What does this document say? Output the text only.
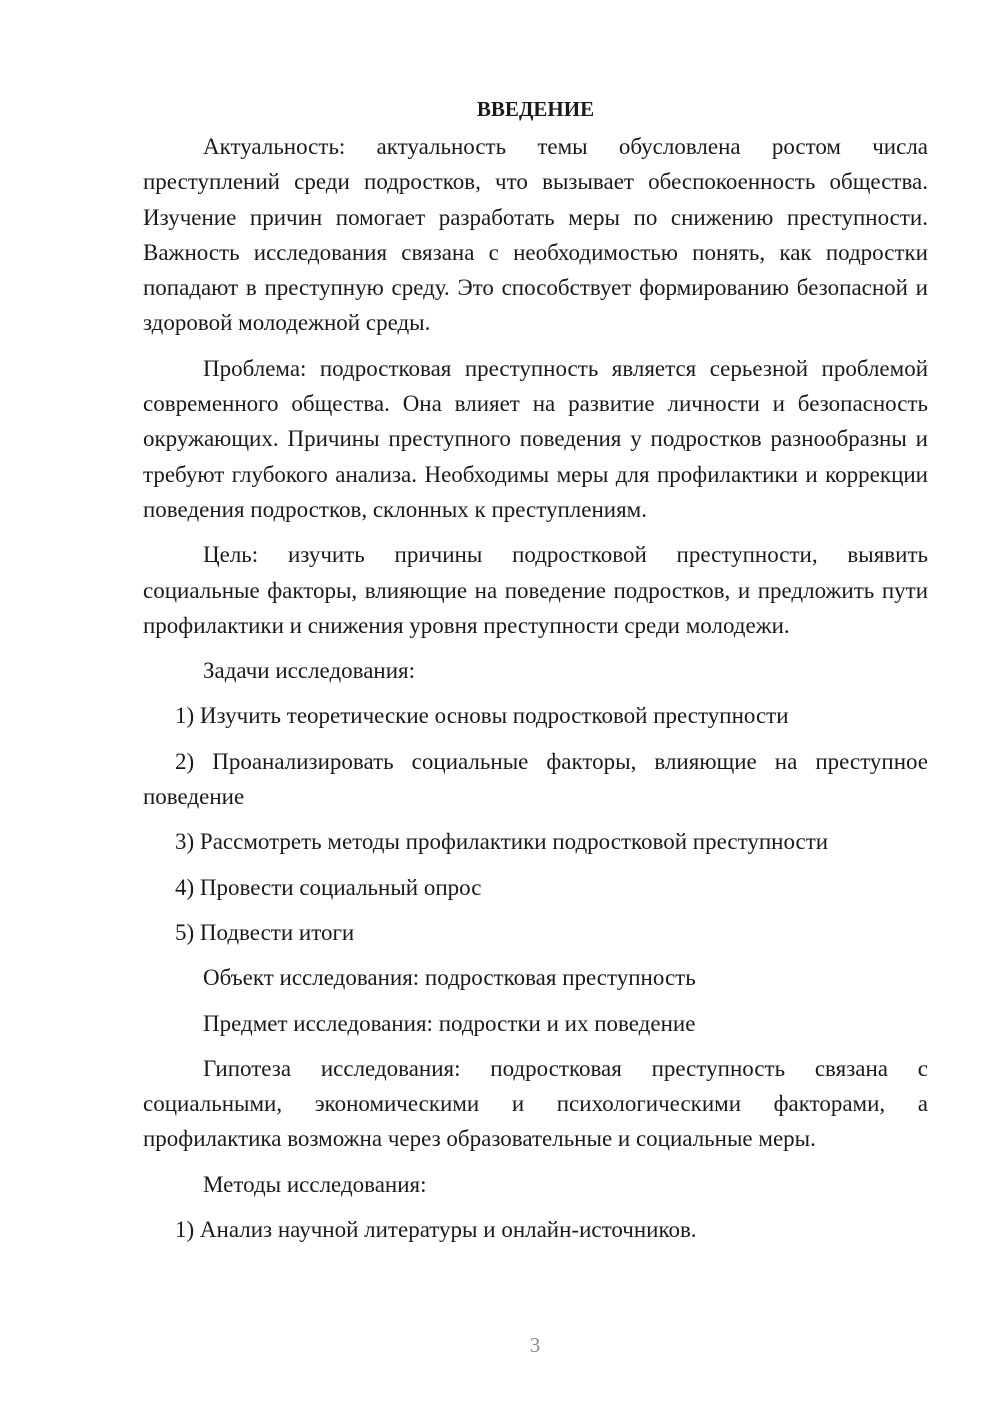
ВВЕДЕНИЕ

Актуальность: актуальность темы обусловлена ростом числа преступлений среди подростков, что вызывает обеспокоенность общества. Изучение причин помогает разработать меры по снижению преступности. Важность исследования связана с необходимостью понять, как подростки попадают в преступную среду. Это способствует формированию безопасной и здоровой молодежной среды.

Проблема: подростковая преступность является серьезной проблемой современного общества. Она влияет на развитие личности и безопасность окружающих. Причины преступного поведения у подростков разнообразны и требуют глубокого анализа. Необходимы меры для профилактики и коррекции поведения подростков, склонных к преступлениям.

Цель: изучить причины подростковой преступности, выявить социальные факторы, влияющие на поведение подростков, и предложить пути профилактики и снижения уровня преступности среди молодежи.

Задачи исследования:

1) Изучить теоретические основы подростковой преступности

2) Проанализировать социальные факторы, влияющие на преступное поведение

3) Рассмотреть методы профилактики подростковой преступности

4) Провести социальный опрос

5) Подвести итоги

Объект исследования: подростковая преступность

Предмет исследования: подростки и их поведение

Гипотеза исследования: подростковая преступность связана с социальными, экономическими и психологическими факторами, а профилактика возможна через образовательные и социальные меры.

Методы исследования:

1) Анализ научной литературы и онлайн-источников.

3
